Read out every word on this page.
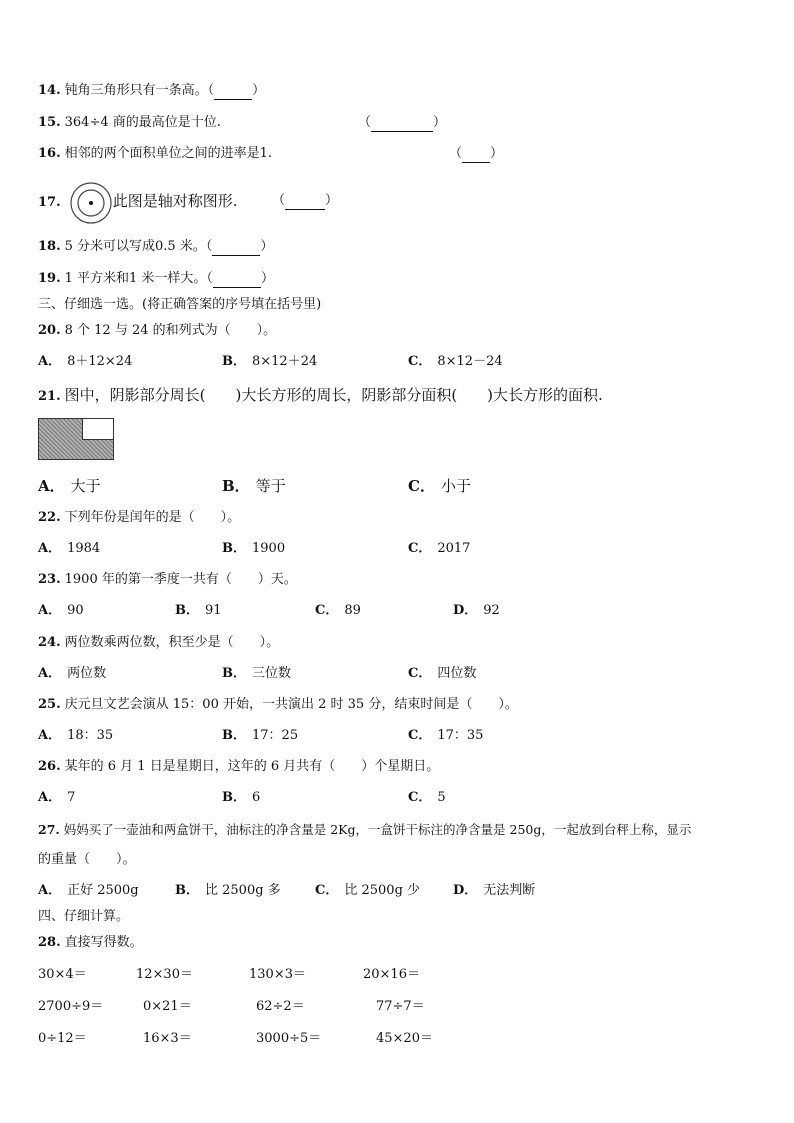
14. 钝角三角形只有一条高。（	）
15. 364÷4 商的最高位是十位.	（	）
16. 相邻的两个面积单位之间的进率是1.	（ ）
17.	此图是轴对称图形.	（	）
18. 5 分米可以写成0.5 米。（	）
19. 1 平方米和1 米一样大。（	）
三、仔细选一选。(将正确答案的序号填在括号里)
20. 8 个 12 与 24 的和列式为（　　）。
A． 8＋12×24	B． 8×12＋24	C． 8×12－24
21. 图中，阴影部分周长(　　)大长方形的周长，阴影部分面积(　　)大长方形的面积.
A． 大于	B． 等于	C． 小于
22. 下列年份是闰年的是（　　）。
A． 1984	B． 1900	C． 2017
23. 1900 年的第一季度一共有（　　）天。
A． 90	B． 91	C． 89	D． 92
24. 两位数乘两位数，积至少是（　　）。
A． 两位数	B． 三位数	C． 四位数
25. 庆元旦文艺会演从 15：00 开始，一共演出 2 时 35 分，结束时间是（　　）。
A． 18：35	B． 17：25	C． 17：35
26. 某年的 6 月 1 日是星期日，这年的 6 月共有（　　）个星期日。
A． 7	B． 6	C． 5
27. 妈妈买了一壶油和两盒饼干，油标注的净含量是 2Kg，一盒饼干标注的净含量是 250g，一起放到台秤上称，显示
的重量（　　）。
A． 正好 2500g	B． 比 2500g 多	C． 比 2500g 少	D． 无法判断
四、仔细计算。
28. 直接写得数。
30×4＝	12×30＝	130×3＝	20×16＝
2700÷9＝	0×21＝	62÷2＝	77÷7＝
0÷12＝	16×3＝	3000÷5＝	45×20＝
